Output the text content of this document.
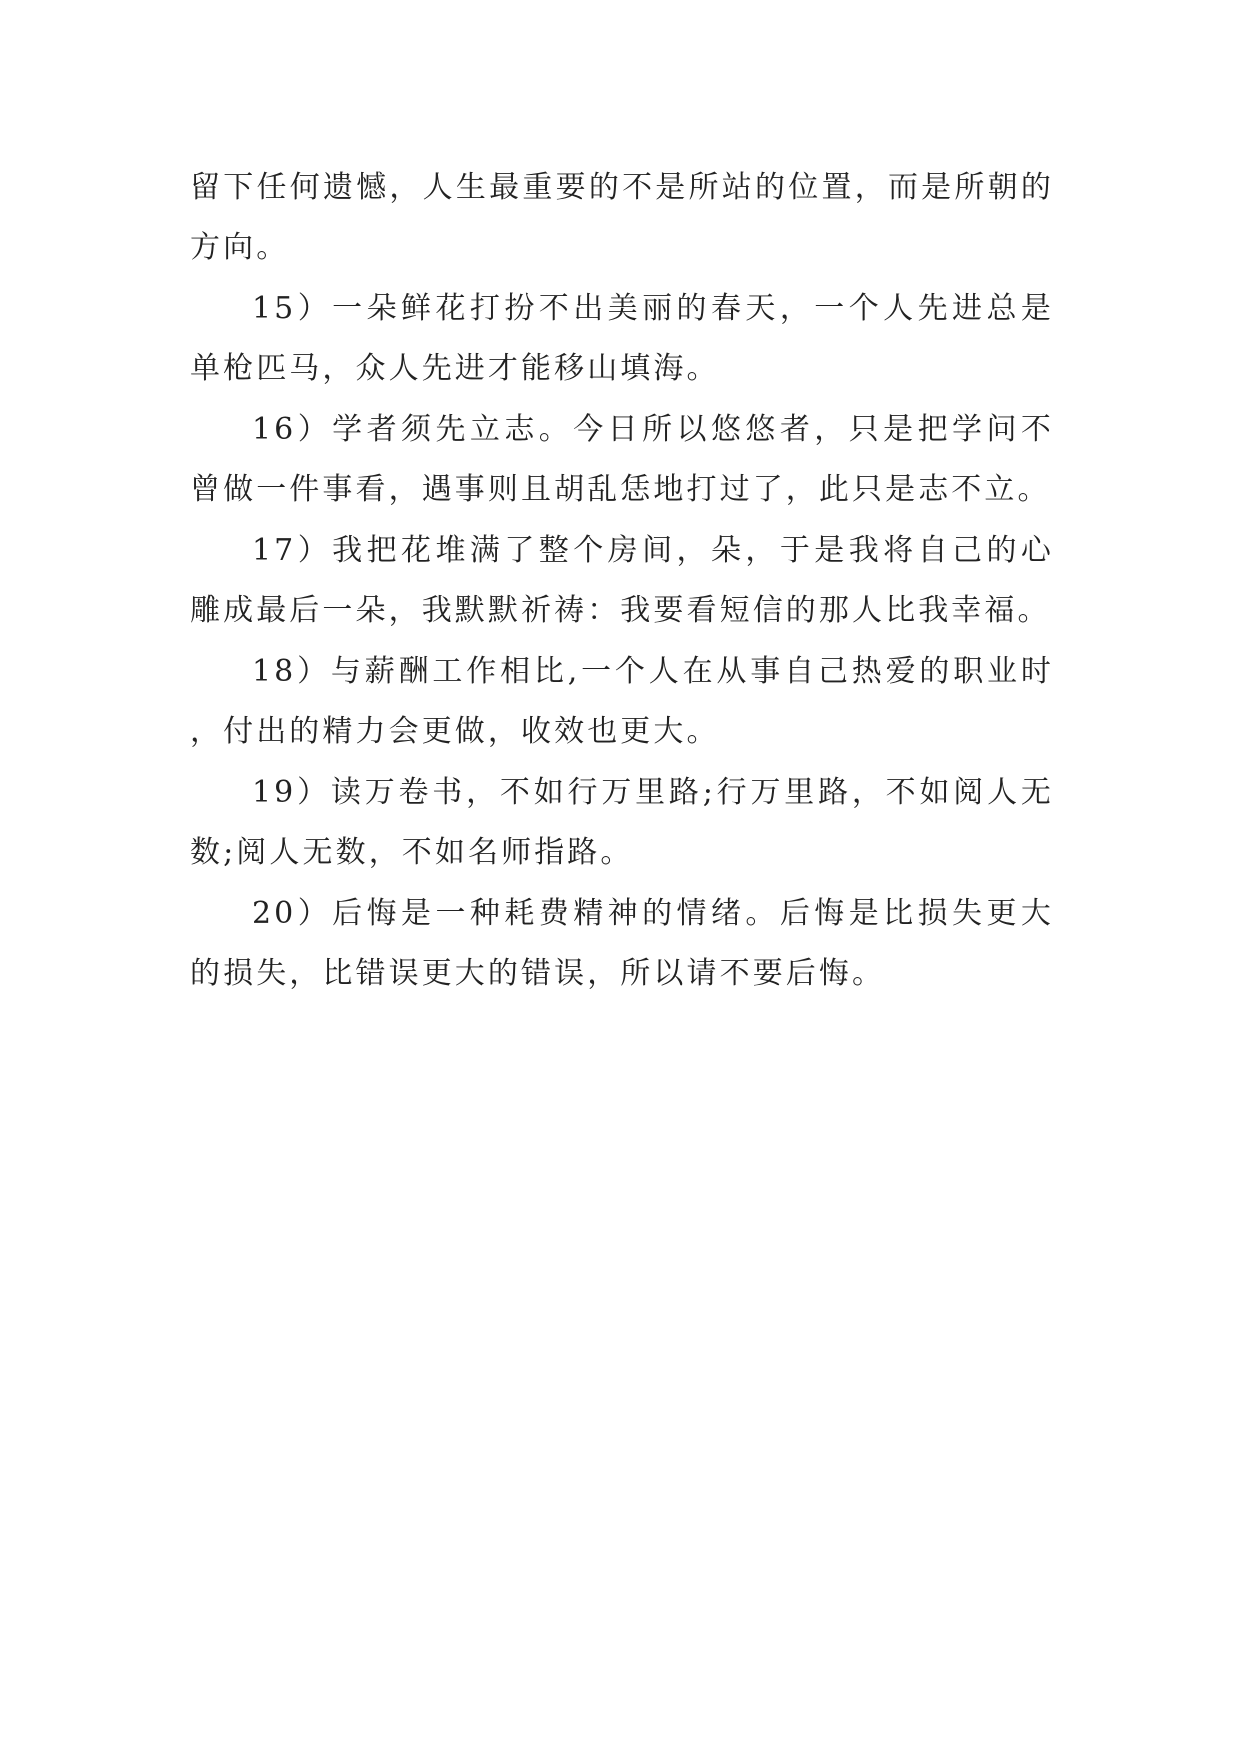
留下任何遗憾，人生最重要的不是所站的位置，而是所朝的方向。

15）一朵鲜花打扮不出美丽的春天，一个人先进总是单枪匹马，众人先进才能移山填海。

16）学者须先立志。今日所以悠悠者，只是把学问不曾做一件事看，遇事则且胡乱恁地打过了，此只是志不立。

17）我把花堆满了整个房间，朵，于是我将自己的心雕成最后一朵，我默默祈祷：我要看短信的那人比我幸福。

18）与薪酬工作相比,一个人在从事自己热爱的职业时，付出的精力会更做，收效也更大。

19）读万卷书，不如行万里路;行万里路，不如阅人无数;阅人无数，不如名师指路。

20）后悔是一种耗费精神的情绪。后悔是比损失更大的损失，比错误更大的错误，所以请不要后悔。
